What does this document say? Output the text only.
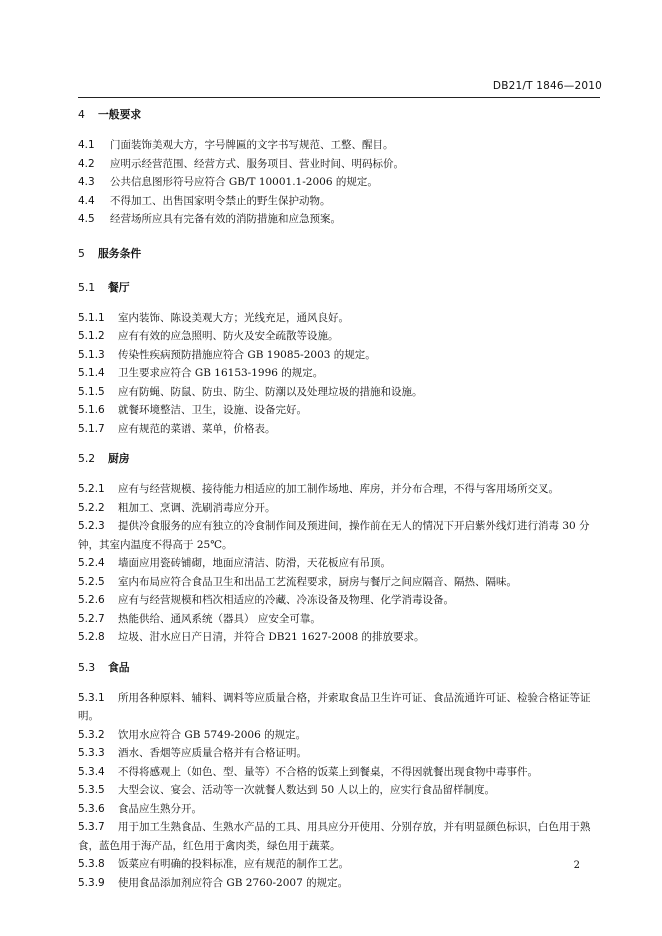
DB21/T 1846—2010

4 一般要求

4.1 门面装饰美观大方，字号牌匾的文字书写规范、工整、醒目。

4.2 应明示经营范围、经营方式、服务项目、营业时间、明码标价。

4.3 公共信息图形符号应符合 GB/T 10001.1-2006 的规定。

4.4 不得加工、出售国家明令禁止的野生保护动物。

4.5 经营场所应具有完备有效的消防措施和应急预案。

5 服务条件

5.1 餐厅

5.1.1 室内装饰、陈设美观大方；光线充足，通风良好。

5.1.2 应有有效的应急照明、防火及安全疏散等设施。

5.1.3 传染性疾病预防措施应符合 GB 19085-2003 的规定。

5.1.4 卫生要求应符合 GB 16153-1996 的规定。

5.1.5 应有防蝇、防鼠、防虫、防尘、防潮以及处理垃圾的措施和设施。

5.1.6 就餐环境整洁、卫生，设施、设备完好。

5.1.7 应有规范的菜谱、菜单，价格表。

5.2 厨房

5.2.1 应有与经营规模、接待能力相适应的加工制作场地、库房，并分布合理，不得与客用场所交叉。

5.2.2 粗加工、烹调、洗刷消毒应分开。

5.2.3 提供冷食服务的应有独立的冷食制作间及预进间，操作前在无人的情况下开启紫外线灯进行消毒 30 分钟，其室内温度不得高于 25℃。

5.2.4 墙面应用瓷砖铺砌，地面应清洁、防滑，天花板应有吊顶。

5.2.5 室内布局应符合食品卫生和出品工艺流程要求，厨房与餐厅之间应隔音、隔热、隔味。

5.2.6 应有与经营规模和档次相适应的冷藏、冷冻设备及物理、化学消毒设备。

5.2.7 热能供给、通风系统（器具） 应安全可靠。

5.2.8 垃圾、泔水应日产日清，并符合 DB21 1627-2008 的排放要求。

5.3 食品

5.3.1 所用各种原料、辅料、调料等应质量合格，并索取食品卫生许可证、食品流通许可证、检验合格证等证明。

5.3.2 饮用水应符合 GB 5749-2006 的规定。

5.3.3 酒水、香烟等应质量合格并有合格证明。

5.3.4 不得将感观上（如色、型、量等）不合格的饭菜上到餐桌，不得因就餐出现食物中毒事件。

5.3.5 大型会议、宴会、活动等一次就餐人数达到 50 人以上的，应实行食品留样制度。

5.3.6 食品应生熟分开。

5.3.7 用于加工生熟食品、生熟水产品的工具、用具应分开使用、分别存放，并有明显颜色标识，白色用于熟食，蓝色用于海产品，红色用于禽肉类，绿色用于蔬菜。

5.3.8 饭菜应有明确的投料标准，应有规范的制作工艺。

5.3.9 使用食品添加剂应符合 GB 2760-2007 的规定。

2
